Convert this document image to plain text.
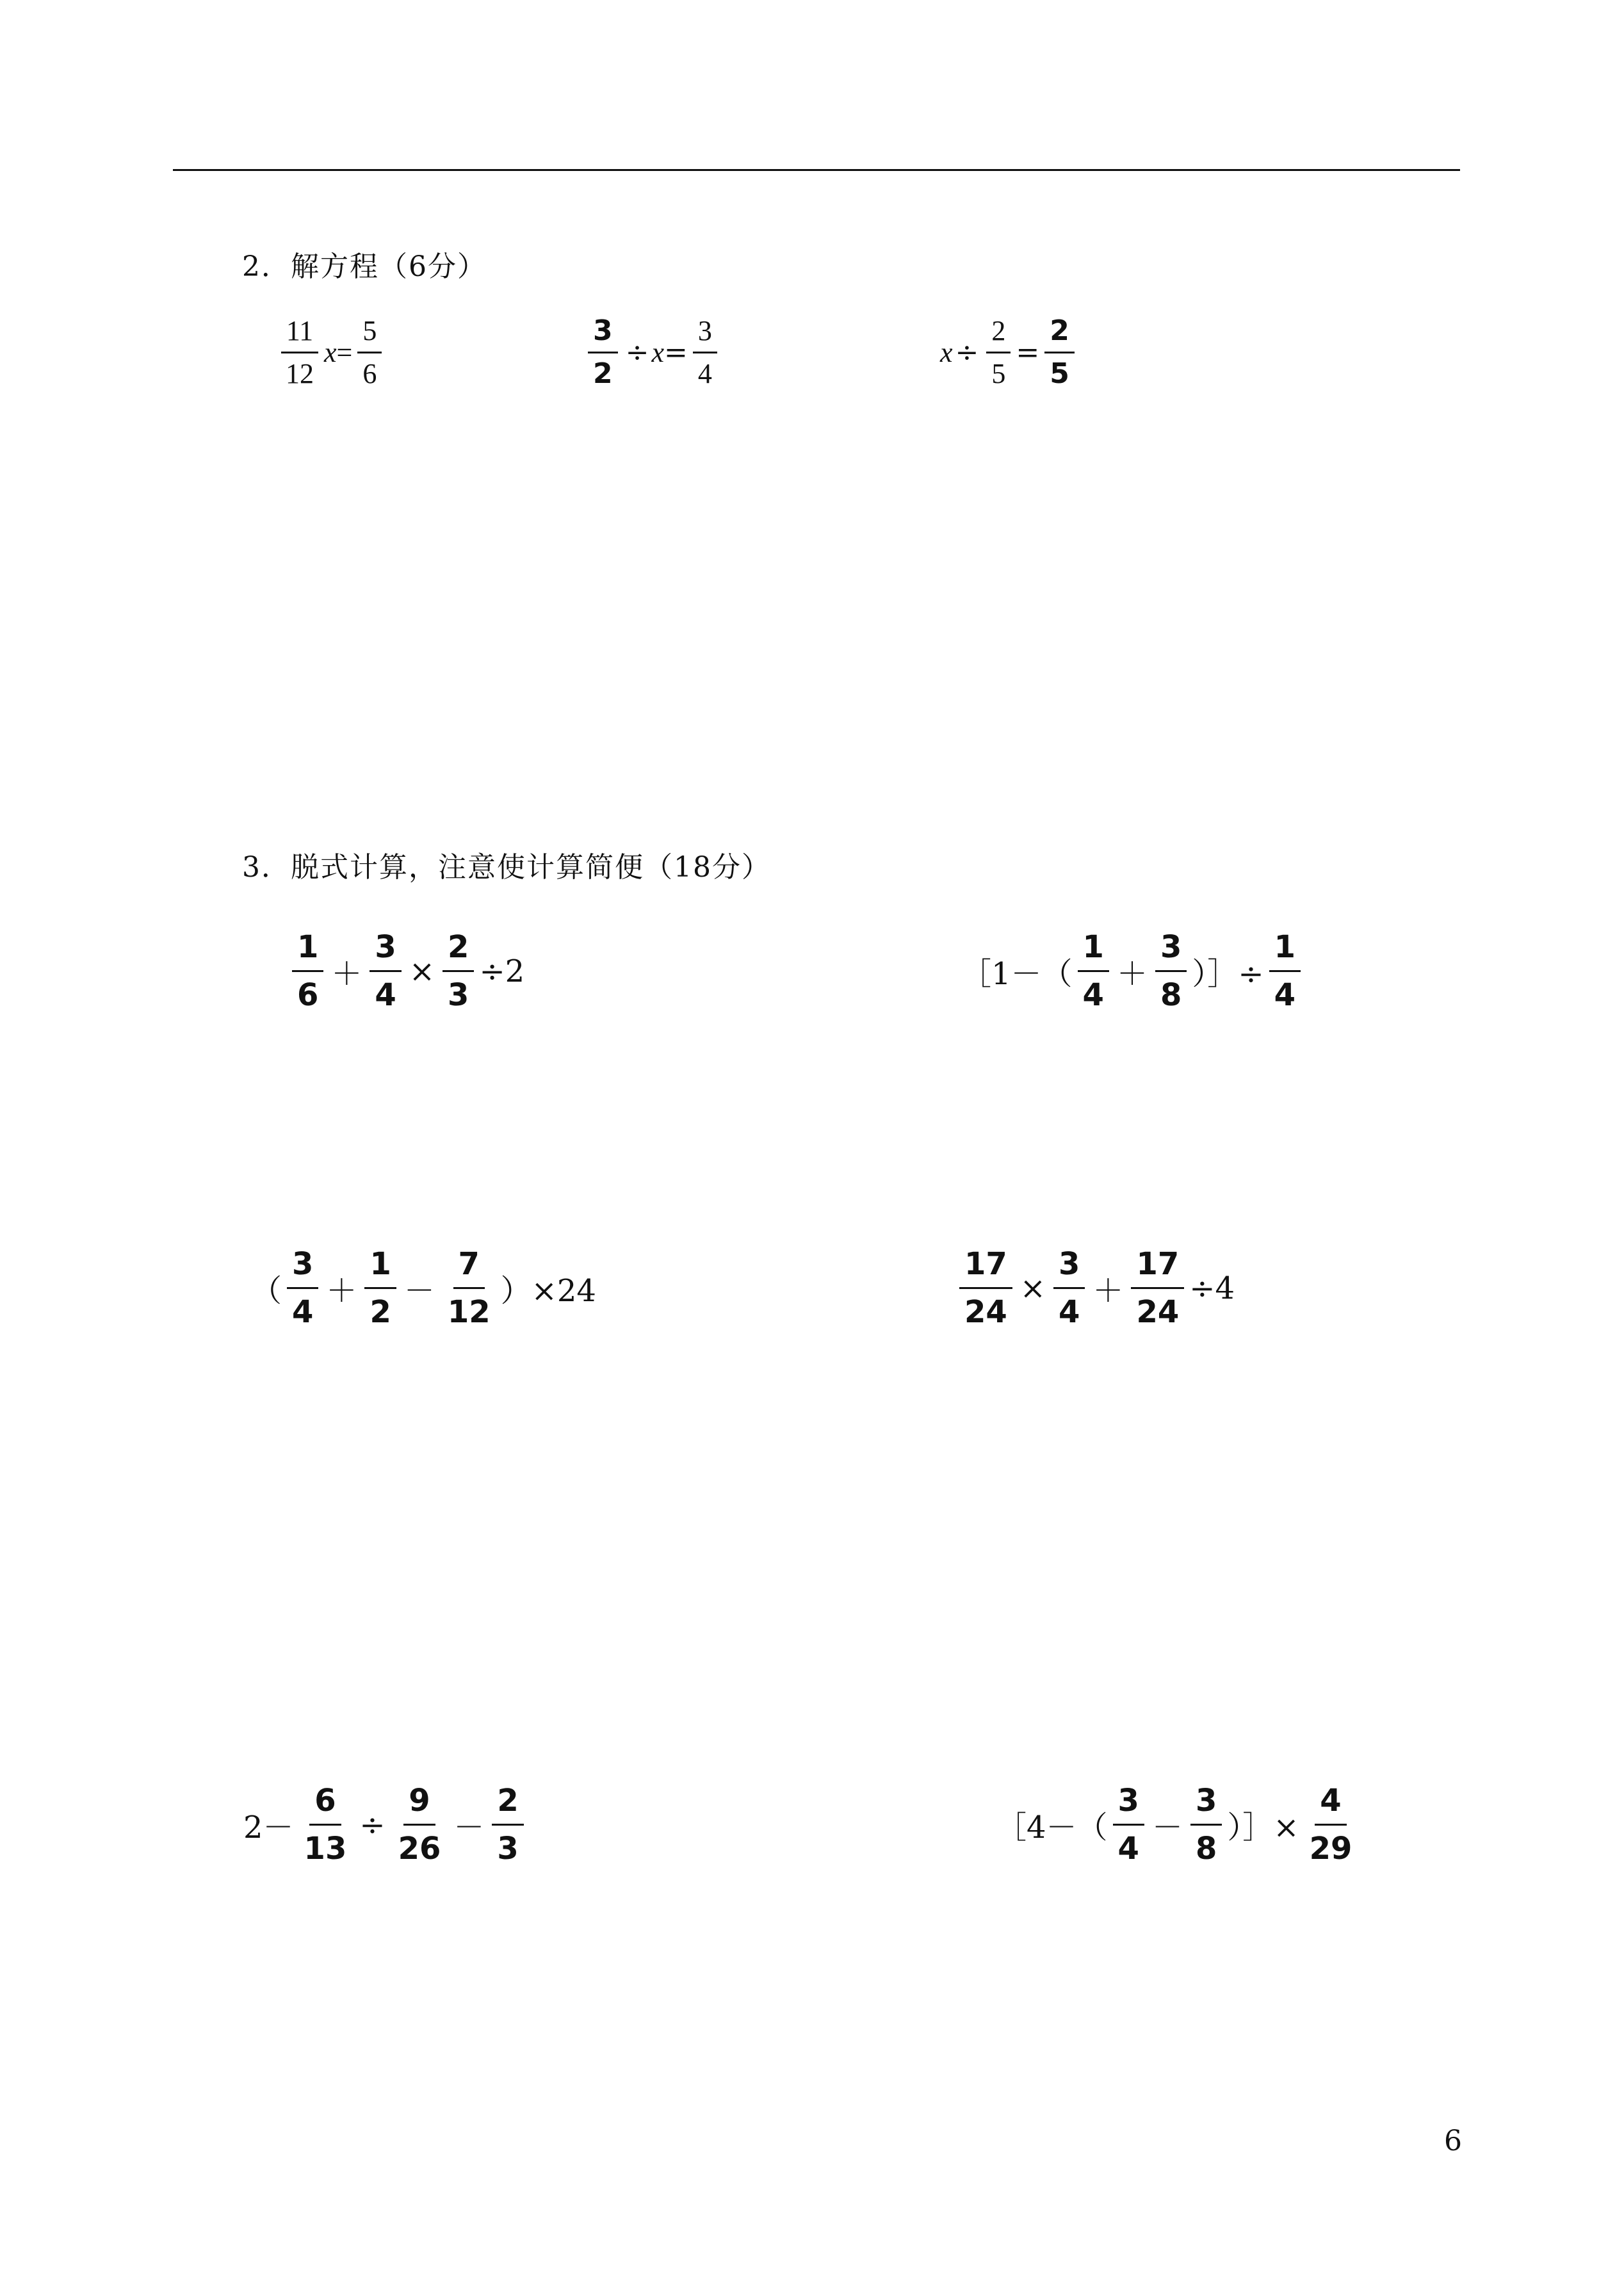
2．解方程（6分）
$\frac{11}{12}$ $x = \frac{5}{6}$	$\frac{3}{2} \div x = \frac{3}{4}$	$x \div \frac{2}{5} = \frac{2}{5}$
3．脱式计算，注意使计算简便（18分）
$\frac{1}{6} + \frac{3}{4} \times \frac{2}{3} \div 2$	［1－（ $\frac{1}{4} + \frac{3}{8}$ ）］÷ $\frac{1}{4}$
（ $\frac{3}{4} + \frac{1}{2} - \frac{7}{12} )\times 24$	$\frac{17}{24} \times \frac{3}{4} + \frac{17}{24} \div 4$
$2- \frac{6}{13} \div \frac{9}{26} - \frac{2}{3}$	［4－（ $\frac{3}{4} - \frac{3}{8}$ ）］× $\frac{4}{29}$
6
